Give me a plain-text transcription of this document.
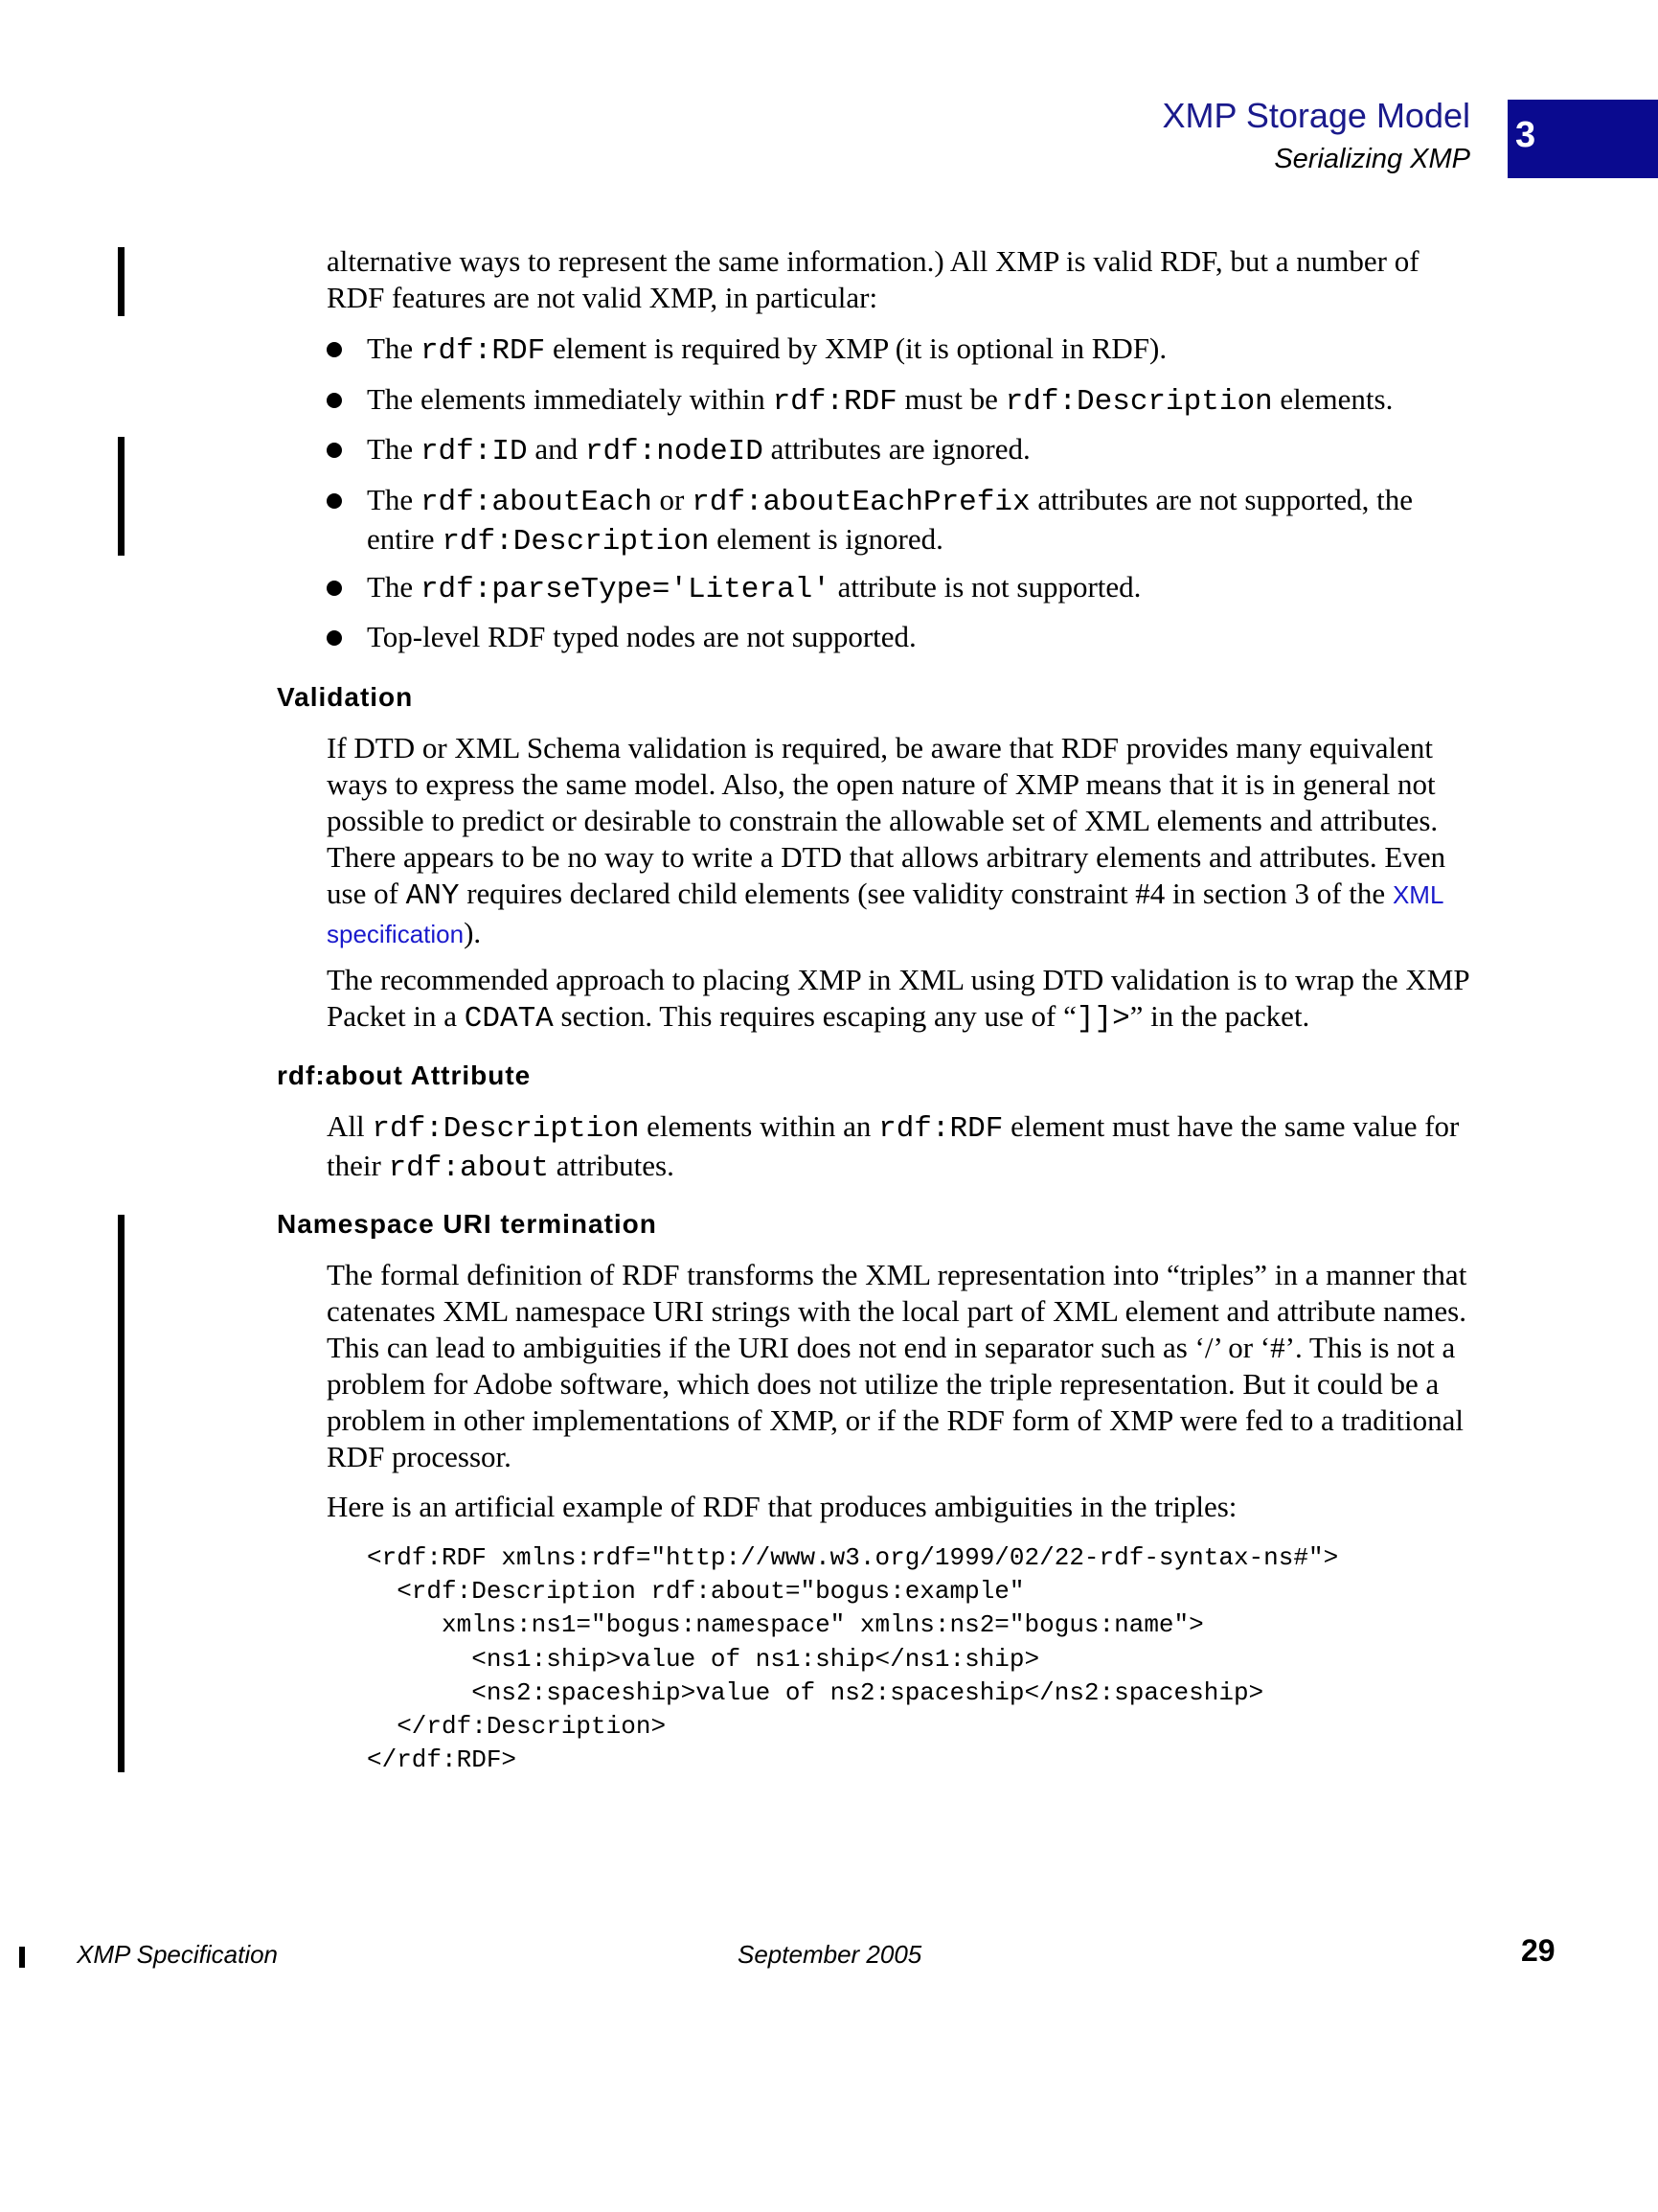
XMP Storage Model
Serializing XMP
3

alternative ways to represent the same information.) All XMP is valid RDF, but a number of RDF features are not valid XMP, in particular:

The rdf:RDF element is required by XMP (it is optional in RDF).
The elements immediately within rdf:RDF must be rdf:Description elements.
The rdf:ID and rdf:nodeID attributes are ignored.
The rdf:aboutEach or rdf:aboutEachPrefix attributes are not supported, the entire rdf:Description element is ignored.
The rdf:parseType='Literal' attribute is not supported.
Top-level RDF typed nodes are not supported.
Validation

If DTD or XML Schema validation is required, be aware that RDF provides many equivalent ways to express the same model. Also, the open nature of XMP means that it is in general not possible to predict or desirable to constrain the allowable set of XML elements and attributes. There appears to be no way to write a DTD that allows arbitrary elements and attributes. Even use of ANY requires declared child elements (see validity constraint #4 in section 3 of the XML specification).

The recommended approach to placing XMP in XML using DTD validation is to wrap the XMP Packet in a CDATA section. This requires escaping any use of “]]>” in the packet.

rdf:about Attribute

All rdf:Description elements within an rdf:RDF element must have the same value for their rdf:about attributes.

Namespace URI termination

The formal definition of RDF transforms the XML representation into “triples” in a manner that catenates XML namespace URI strings with the local part of XML element and attribute names. This can lead to ambiguities if the URI does not end in separator such as ‘/’ or ‘#’. This is not a problem for Adobe software, which does not utilize the triple representation. But it could be a problem in other implementations of XMP, or if the RDF form of XMP were fed to a traditional RDF processor.

Here is an artificial example of RDF that produces ambiguities in the triples:

<rdf:RDF xmlns:rdf="http://www.w3.org/1999/02/22-rdf-syntax-ns#">
<rdf:Description rdf:about="bogus:example"
xmlns:ns1="bogus:namespace" xmlns:ns2="bogus:name">
<ns1:ship>value of ns1:ship</ns1:ship>
<ns2:spaceship>value of ns2:spaceship</ns2:spaceship>
</rdf:Description>
</rdf:RDF>
XMP Specification	September 2005	29
